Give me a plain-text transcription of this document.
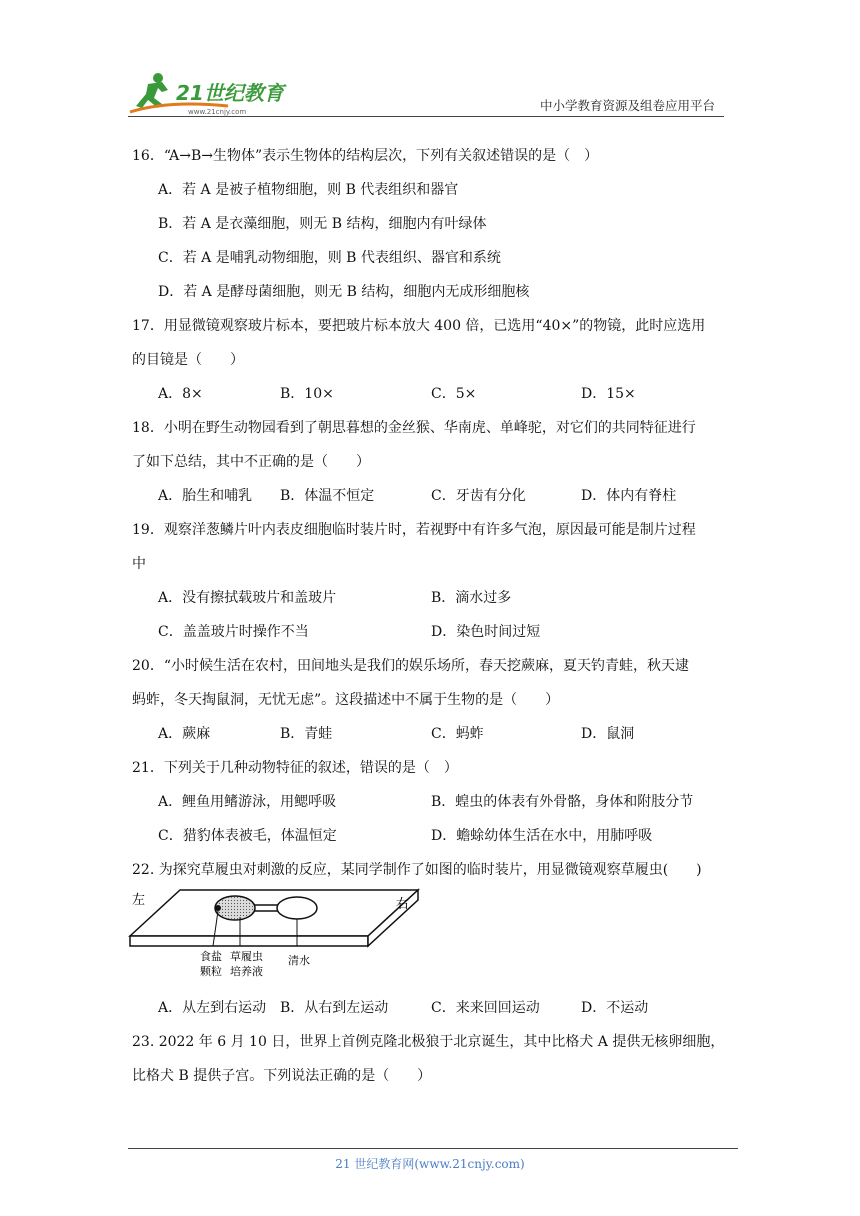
21世纪教育
www.21cnjy.com	中小学教育资源及组卷应用平台
16．“A→B→生物体”表示生物体的结构层次，下列有关叙述错误的是（　）
A．若 A 是被子植物细胞，则 B 代表组织和器官
B．若 A 是衣藻细胞，则无 B 结构，细胞内有叶绿体
C．若 A 是哺乳动物细胞，则 B 代表组织、器官和系统
D．若 A 是酵母菌细胞，则无 B 结构，细胞内无成形细胞核
17．用显微镜观察玻片标本，要把玻片标本放大 400 倍，已选用“40×”的物镜，此时应选用
的目镜是（　　）
A．8×	B．10×	C．5×	D．15×
18．小明在野生动物园看到了朝思暮想的金丝猴、华南虎、单峰驼，对它们的共同特征进行
了如下总结，其中不正确的是（　　）
A．胎生和哺乳 B．体温不恒定	C．牙齿有分化	D．体内有脊柱
19．观察洋葱鳞片叶内表皮细胞临时装片时，若视野中有许多气泡，原因最可能是制片过程
中
A．没有擦拭载玻片和盖玻片	B．滴水过多
C．盖盖玻片时操作不当	D．染色时间过短
20．“小时候生活在农村，田间地头是我们的娱乐场所，春天挖蕨麻，夏天钓青蛙，秋天逮
蚂蚱，冬天掏鼠洞，无忧无虑”。这段描述中不属于生物的是（　　）
A．蕨麻	B．青蛙	C．蚂蚱	D．鼠洞
21．下列关于几种动物特征的叙述，错误的是（　）
A．鲤鱼用鳍游泳，用鳃呼吸	B．蝗虫的体表有外骨骼，身体和附肢分节
C．猎豹体表被毛，体温恒定	D．蟾蜍幼体生活在水中，用肺呼吸
22. 为探究草履虫对刺激的反应，某同学制作了如图的临时装片，用显微镜观察草履虫(　　)
左	右
食盐
颗粒
草履虫
培养液
清水
A．从左到右运动 B．从右到左运动	C．来来回回运动	D．不运动
23. 2022 年 6 月 10 日，世界上首例克隆北极狼于北京诞生，其中比格犬 A 提供无核卵细胞，
比格犬 B 提供子宫。下列说法正确的是（　　）
21 世纪教育网(www.21cnjy.com)
